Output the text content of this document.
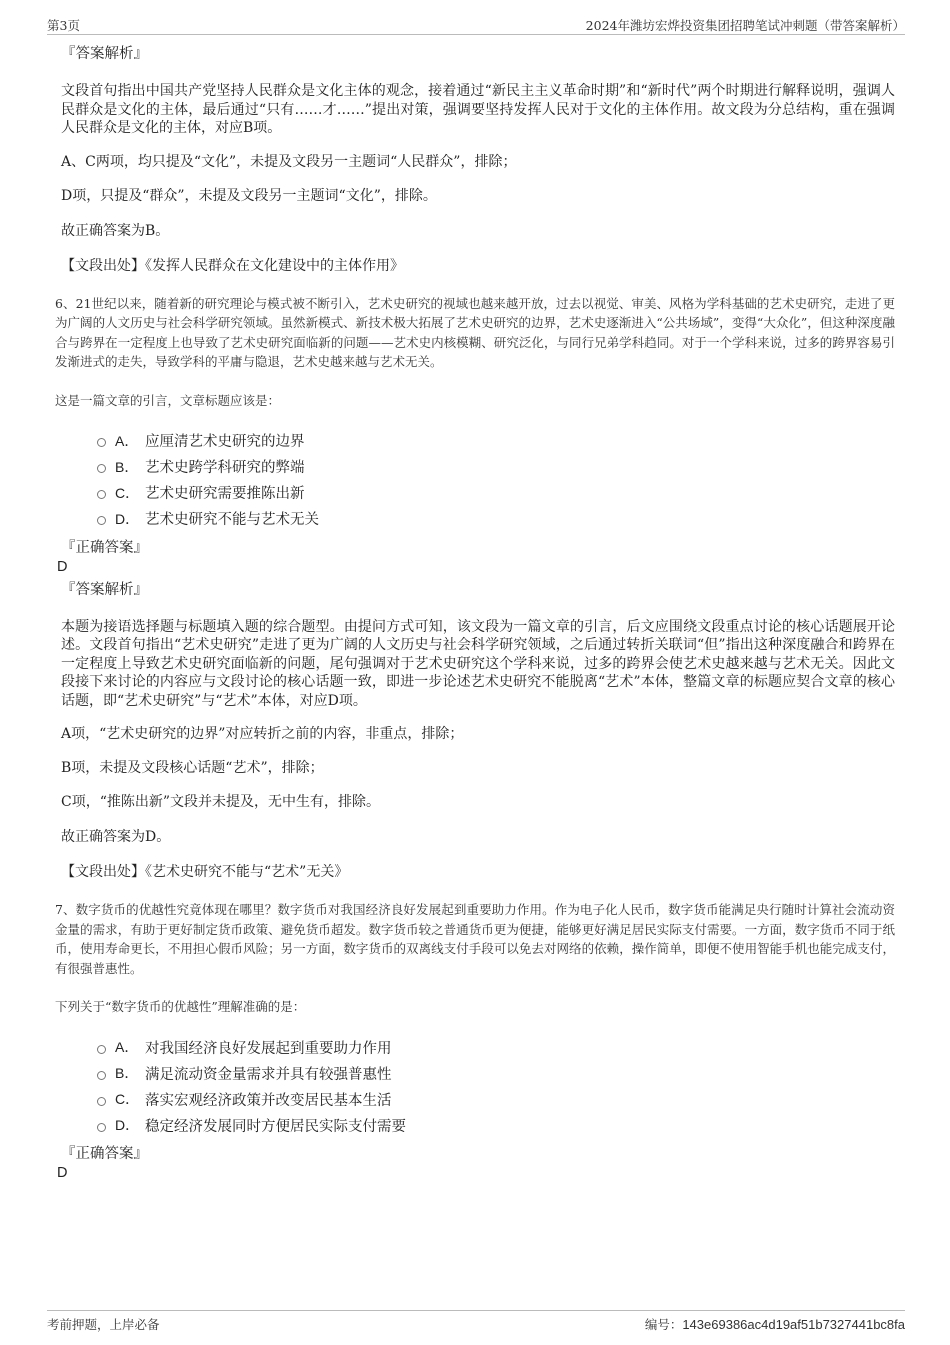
第3页	2024年潍坊宏烨投资集团招聘笔试冲刺题（带答案解析）
『答案解析』
文段首句指出中国共产党坚持人民群众是文化主体的观念，接着通过“新民主主义革命时期”和“新时代”两个时期进行解释说明，强调人民群众是文化的主体，最后通过“只有……才……”提出对策，强调要坚持发挥人民对于文化的主体作用。故文段为分总结构，重在强调人民群众是文化的主体，对应B项。
A、C两项，均只提及“文化”，未提及文段另一主题词“人民群众”，排除；
D项，只提及“群众”，未提及文段另一主题词“文化”，排除。
故正确答案为B。
【文段出处】《发挥人民群众在文化建设中的主体作用》
6、21世纪以来，随着新的研究理论与模式被不断引入，艺术史研究的视域也越来越开放，过去以视觉、审美、风格为学科基础的艺术史研究，走进了更为广阔的人文历史与社会科学研究领域。虽然新模式、新技术极大拓展了艺术史研究的边界，艺术史逐渐进入“公共场域”，变得“大众化”，但这种深度融合与跨界在一定程度上也导致了艺术史研究面临新的问题——艺术史内核模糊、研究泛化，与同行兄弟学科趋同。对于一个学科来说，过多的跨界容易引发渐进式的走失，导致学科的平庸与隐退，艺术史越来越与艺术无关。
这是一篇文章的引言，文章标题应该是：
A． 应厘清艺术史研究的边界
B． 艺术史跨学科研究的弊端
C． 艺术史研究需要推陈出新
D． 艺术史研究不能与艺术无关
『正确答案』
D
『答案解析』
本题为接语选择题与标题填入题的综合题型。由提问方式可知，该文段为一篇文章的引言，后文应围绕文段重点讨论的核心话题展开论述。文段首句指出“艺术史研究”走进了更为广阔的人文历史与社会科学研究领域，之后通过转折关联词“但”指出这种深度融合和跨界在一定程度上导致艺术史研究面临新的问题，尾句强调对于艺术史研究这个学科来说，过多的跨界会使艺术史越来越与艺术无关。因此文段接下来讨论的内容应与文段讨论的核心话题一致，即进一步论述艺术史研究不能脱离“艺术”本体，整篇文章的标题应契合文章的核心话题，即“艺术史研究”与“艺术”本体，对应D项。
A项，“艺术史研究的边界”对应转折之前的内容，非重点，排除；
B项，未提及文段核心话题“艺术”，排除；
C项，“推陈出新”文段并未提及，无中生有，排除。
故正确答案为D。
【文段出处】《艺术史研究不能与“艺术”无关》
7、数字货币的优越性究竟体现在哪里？数字货币对我国经济良好发展起到重要助力作用。作为电子化人民币，数字货币能满足央行随时计算社会流动资金量的需求，有助于更好制定货币政策、避免货币超发。数字货币较之普通货币更为便捷，能够更好满足居民实际支付需要。一方面，数字货币不同于纸币，使用寿命更长，不用担心假币风险；另一方面，数字货币的双离线支付手段可以免去对网络的依赖，操作简单，即便不使用智能手机也能完成支付，有很强普惠性。
下列关于“数字货币的优越性”理解准确的是：
A． 对我国经济良好发展起到重要助力作用
B． 满足流动资金量需求并具有较强普惠性
C． 落实宏观经济政策并改变居民基本生活
D． 稳定经济发展同时方便居民实际支付需要
『正确答案』
D
考前押题，上岸必备	编号：143e69386ac4d19af51b7327441bc8fa
